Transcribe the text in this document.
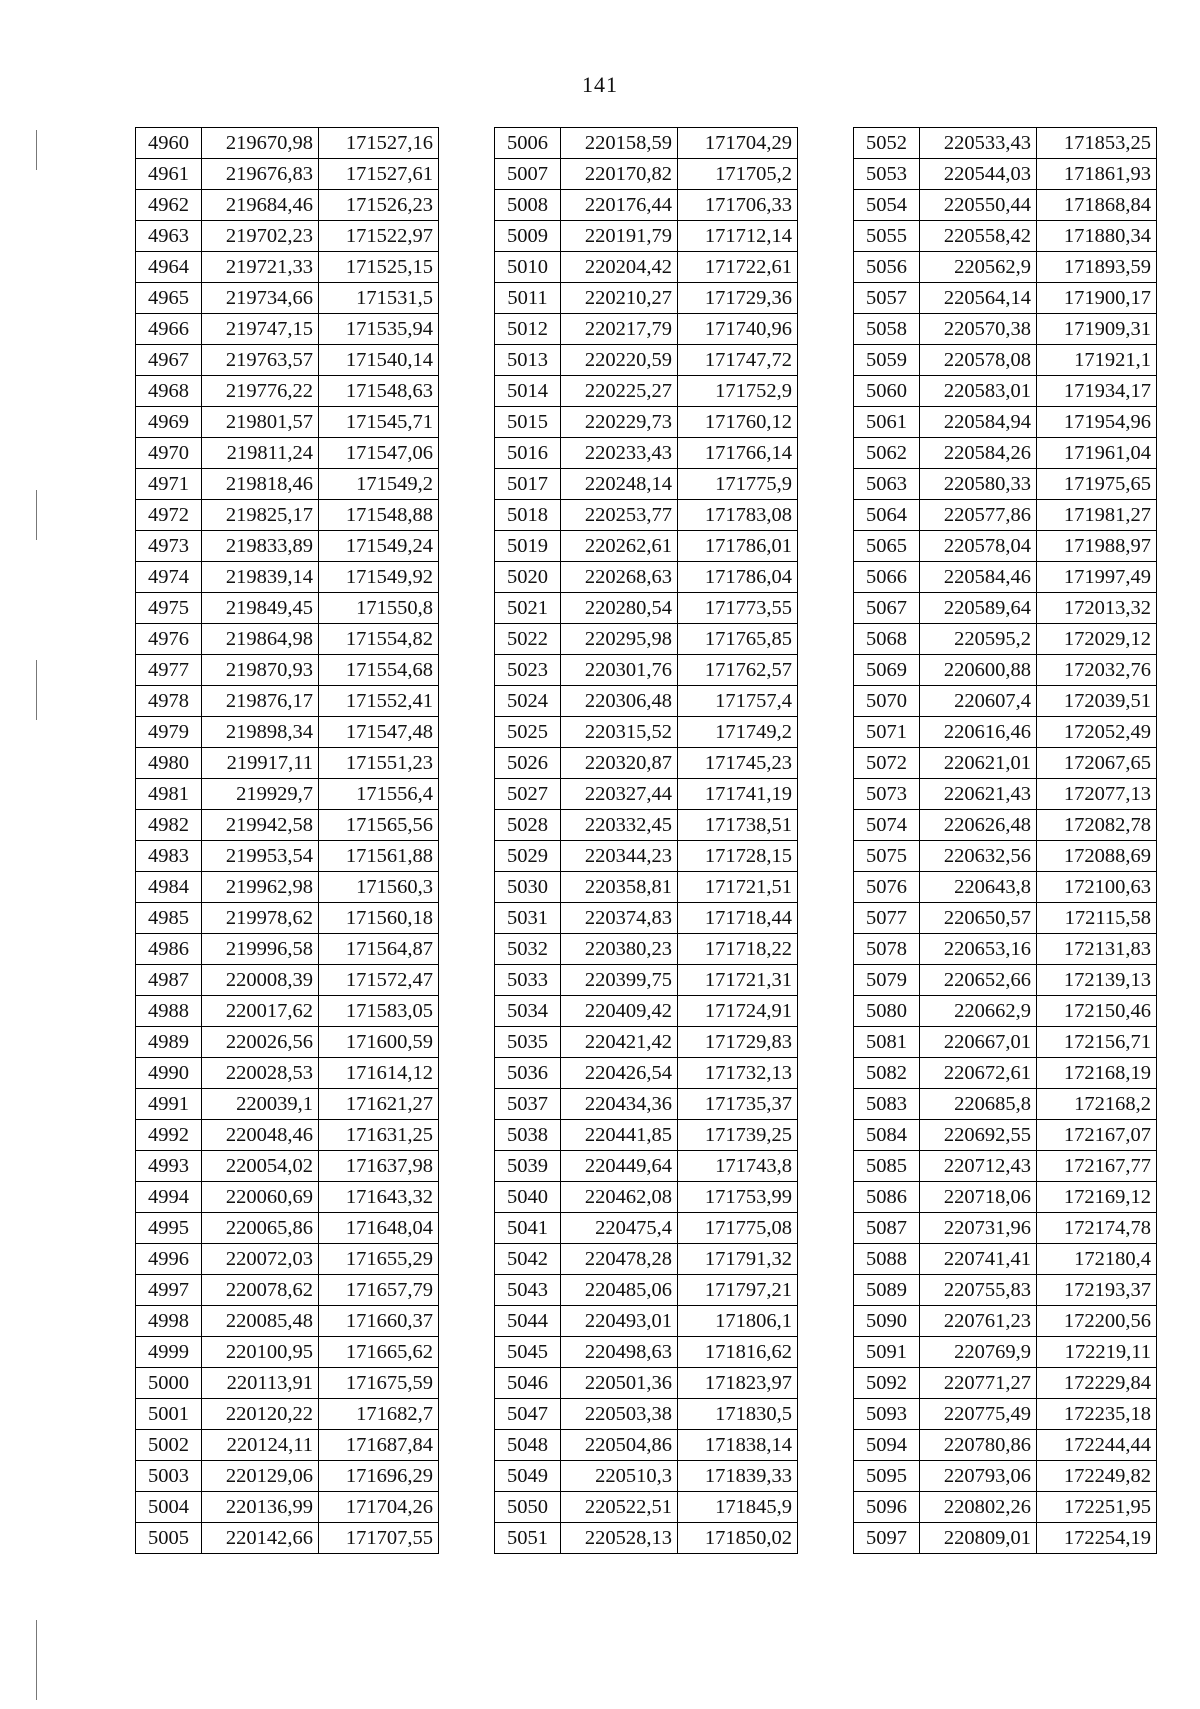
141
4960	219670,98	171527,16
4961	219676,83	171527,61
4962	219684,46	171526,23
4963	219702,23	171522,97
4964	219721,33	171525,15
4965	219734,66	171531,5
4966	219747,15	171535,94
4967	219763,57	171540,14
4968	219776,22	171548,63
4969	219801,57	171545,71
4970	219811,24	171547,06
4971	219818,46	171549,2
4972	219825,17	171548,88
4973	219833,89	171549,24
4974	219839,14	171549,92
4975	219849,45	171550,8
4976	219864,98	171554,82
4977	219870,93	171554,68
4978	219876,17	171552,41
4979	219898,34	171547,48
4980	219917,11	171551,23
4981	219929,7	171556,4
4982	219942,58	171565,56
4983	219953,54	171561,88
4984	219962,98	171560,3
4985	219978,62	171560,18
4986	219996,58	171564,87
4987	220008,39	171572,47
4988	220017,62	171583,05
4989	220026,56	171600,59
4990	220028,53	171614,12
4991	220039,1	171621,27
4992	220048,46	171631,25
4993	220054,02	171637,98
4994	220060,69	171643,32
4995	220065,86	171648,04
4996	220072,03	171655,29
4997	220078,62	171657,79
4998	220085,48	171660,37
4999	220100,95	171665,62
5000	220113,91	171675,59
5001	220120,22	171682,7
5002	220124,11	171687,84
5003	220129,06	171696,29
5004	220136,99	171704,26
5005	220142,66	171707,55
5006	220158,59	171704,29
5007	220170,82	171705,2
5008	220176,44	171706,33
5009	220191,79	171712,14
5010	220204,42	171722,61
5011	220210,27	171729,36
5012	220217,79	171740,96
5013	220220,59	171747,72
5014	220225,27	171752,9
5015	220229,73	171760,12
5016	220233,43	171766,14
5017	220248,14	171775,9
5018	220253,77	171783,08
5019	220262,61	171786,01
5020	220268,63	171786,04
5021	220280,54	171773,55
5022	220295,98	171765,85
5023	220301,76	171762,57
5024	220306,48	171757,4
5025	220315,52	171749,2
5026	220320,87	171745,23
5027	220327,44	171741,19
5028	220332,45	171738,51
5029	220344,23	171728,15
5030	220358,81	171721,51
5031	220374,83	171718,44
5032	220380,23	171718,22
5033	220399,75	171721,31
5034	220409,42	171724,91
5035	220421,42	171729,83
5036	220426,54	171732,13
5037	220434,36	171735,37
5038	220441,85	171739,25
5039	220449,64	171743,8
5040	220462,08	171753,99
5041	220475,4	171775,08
5042	220478,28	171791,32
5043	220485,06	171797,21
5044	220493,01	171806,1
5045	220498,63	171816,62
5046	220501,36	171823,97
5047	220503,38	171830,5
5048	220504,86	171838,14
5049	220510,3	171839,33
5050	220522,51	171845,9
5051	220528,13	171850,02
5052	220533,43	171853,25
5053	220544,03	171861,93
5054	220550,44	171868,84
5055	220558,42	171880,34
5056	220562,9	171893,59
5057	220564,14	171900,17
5058	220570,38	171909,31
5059	220578,08	171921,1
5060	220583,01	171934,17
5061	220584,94	171954,96
5062	220584,26	171961,04
5063	220580,33	171975,65
5064	220577,86	171981,27
5065	220578,04	171988,97
5066	220584,46	171997,49
5067	220589,64	172013,32
5068	220595,2	172029,12
5069	220600,88	172032,76
5070	220607,4	172039,51
5071	220616,46	172052,49
5072	220621,01	172067,65
5073	220621,43	172077,13
5074	220626,48	172082,78
5075	220632,56	172088,69
5076	220643,8	172100,63
5077	220650,57	172115,58
5078	220653,16	172131,83
5079	220652,66	172139,13
5080	220662,9	172150,46
5081	220667,01	172156,71
5082	220672,61	172168,19
5083	220685,8	172168,2
5084	220692,55	172167,07
5085	220712,43	172167,77
5086	220718,06	172169,12
5087	220731,96	172174,78
5088	220741,41	172180,4
5089	220755,83	172193,37
5090	220761,23	172200,56
5091	220769,9	172219,11
5092	220771,27	172229,84
5093	220775,49	172235,18
5094	220780,86	172244,44
5095	220793,06	172249,82
5096	220802,26	172251,95
5097	220809,01	172254,19
